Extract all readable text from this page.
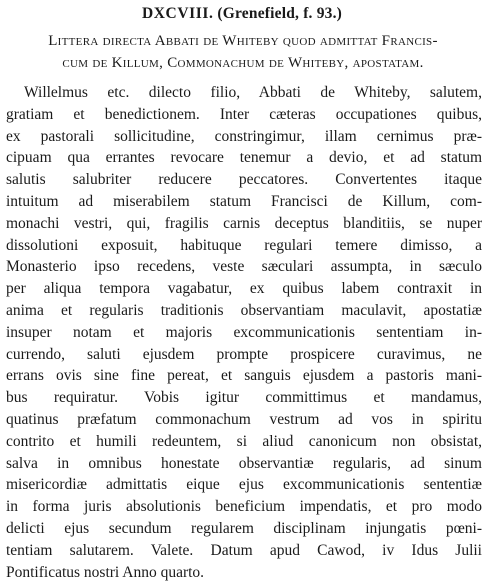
DXCVIII. (Grenefield, f. 93.)
Littera directa Abbati de Whiteby quod admittat Francis-
cum de Killum, Commonachum de Whiteby, apostatam.
Willelmus etc. dilecto filio, Abbati de Whiteby, salutem,
gratiam et benedictionem. Inter cæteras occupationes quibus,
ex pastorali sollicitudine, constringimur, illam cernimus præ-
cipuam qua errantes revocare tenemur a devio, et ad statum
salutis salubriter reducere peccatores. Convertentes itaque
intuitum ad miserabilem statum Francisci de Killum, com-
monachi vestri, qui, fragilis carnis deceptus blanditiis, se nuper
dissolutioni exposuit, habituque regulari temere dimisso, a
Monasterio ipso recedens, veste sæculari assumpta, in sæculo
per aliqua tempora vagabatur, ex quibus labem contraxit in
anima et regularis traditionis observantiam maculavit, apostatiæ
insuper notam et majoris excommunicationis sententiam in-
currendo, saluti ejusdem prompte prospicere curavimus, ne
errans ovis sine fine pereat, et sanguis ejusdem a pastoris mani-
bus requiratur. Vobis igitur committimus et mandamus,
quatinus præfatum commonachum vestrum ad vos in spiritu
contrito et humili redeuntem, si aliud canonicum non obsistat,
salva in omnibus honestate observantiæ regularis, ad sinum
misericordiæ admittatis eique ejus excommunicationis sententiæ
in forma juris absolutionis beneficium impendatis, et pro modo
delicti ejus secundum regularem disciplinam injungatis pœni-
tentiam salutarem. Valete. Datum apud Cawod, iv Idus Julii
Pontificatus nostri Anno quarto.
